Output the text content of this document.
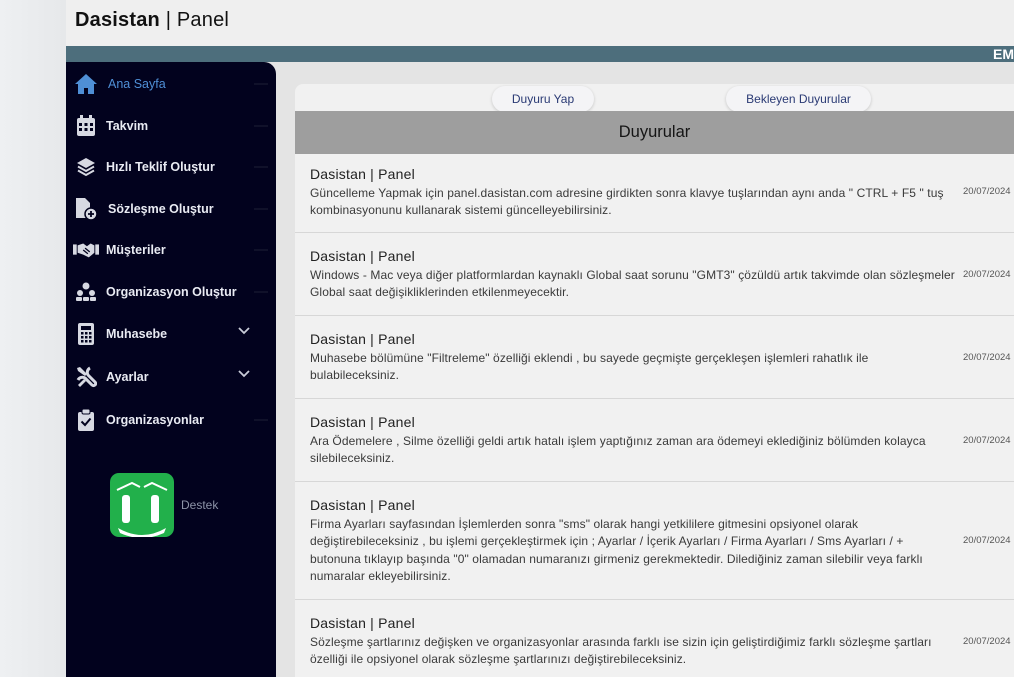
Dasistan | Panel
EM
Ana Sayfa
Takvim
Hızlı Teklif Oluştur
Sözleşme Oluştur
Müşteriler
Organizasyon Oluştur
Muhasebe
Ayarlar
Organizasyonlar
Destek
Duyuru Yap	Bekleyen Duyurular
Duyurular
Dasistan | Panel
Güncelleme Yapmak için panel.dasistan.com adresine girdikten sonra klavye tuşlarından aynı anda " CTRL + F5 " tuş kombinasyonunu kullanarak sistemi güncelleyebilirsiniz.
20/07/2024
Dasistan | Panel
Windows - Mac veya diğer platformlardan kaynaklı Global saat sorunu "GMT3" çözüldü artık takvimde olan sözleşmeler Global saat değişikliklerinden etkilenmeyecektir.
20/07/2024
Dasistan | Panel
Muhasebe bölümüne "Filtreleme" özelliği eklendi , bu sayede geçmişte gerçekleşen işlemleri rahatlık ile bulabileceksiniz.
20/07/2024
Dasistan | Panel
Ara Ödemelere , Silme özelliği geldi artık hatalı işlem yaptığınız zaman ara ödemeyi eklediğiniz bölümden kolayca silebileceksiniz.
20/07/2024
Dasistan | Panel
Firma Ayarları sayfasından İşlemlerden sonra "sms" olarak hangi yetkililere gitmesini opsiyonel olarak değiştirebileceksiniz , bu işlemi gerçekleştirmek için ; Ayarlar / İçerik Ayarları / Firma Ayarları / Sms Ayarları / + butonuna tıklayıp başında "0" olamadan numaranızı girmeniz gerekmektedir. Dilediğiniz zaman silebilir veya farklı numaralar ekleyebilirsiniz.
20/07/2024
Dasistan | Panel
Sözleşme şartlarınız değişken ve organizasyonlar arasında farklı ise sizin için geliştirdiğimiz farklı sözleşme şartları özelliği ile opsiyonel olarak sözleşme şartlarınızı değiştirebileceksiniz.
20/07/2024
